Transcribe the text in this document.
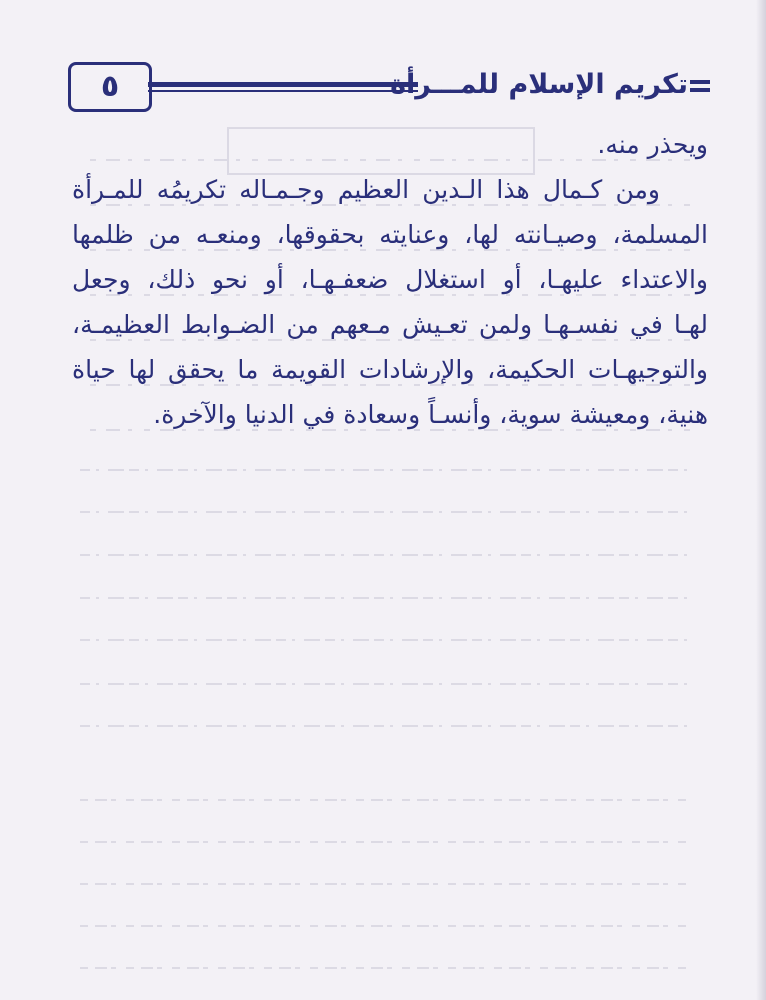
٥	تكريم الإسلام للمـــرأة
ويحذر منه.
ومن كـمال هذا الـدين العظيم وجـمـاله تكريمُه للمـرأة
المسلمة، وصيـانته لها، وعنايته بحقوقها، ومنعـه من ظلمها
والاعتداء عليهـا، أو استغلال ضعفـهـا، أو نحو ذلك، وجعل
لهـا في نفسـهـا ولمن تعـيش مـعهم من الضـوابط العظيمـة،
والتوجيهـات الحكيمة، والإرشادات القويمة ما يحقق لها حياة
هنية، ومعيشة سوية، وأنسـاً وسعادة في الدنيا والآخرة.
